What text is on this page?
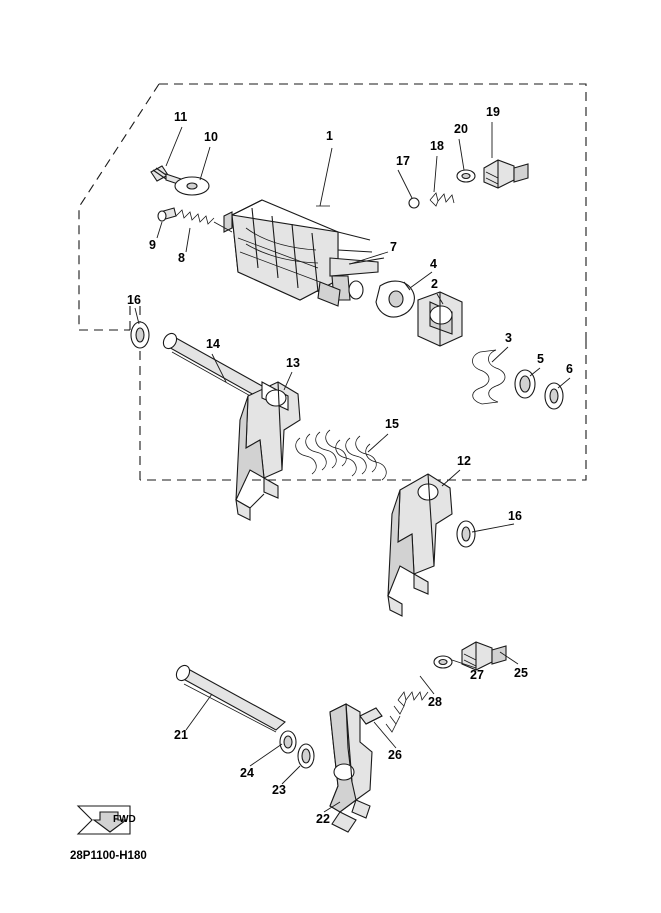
1
2
3
4
5
6
7
8
9
10
11
12
13
14
15
16
16
17
18
19
20
21
22
23
24
25
26
27
28
FWD
28P1100-H180
